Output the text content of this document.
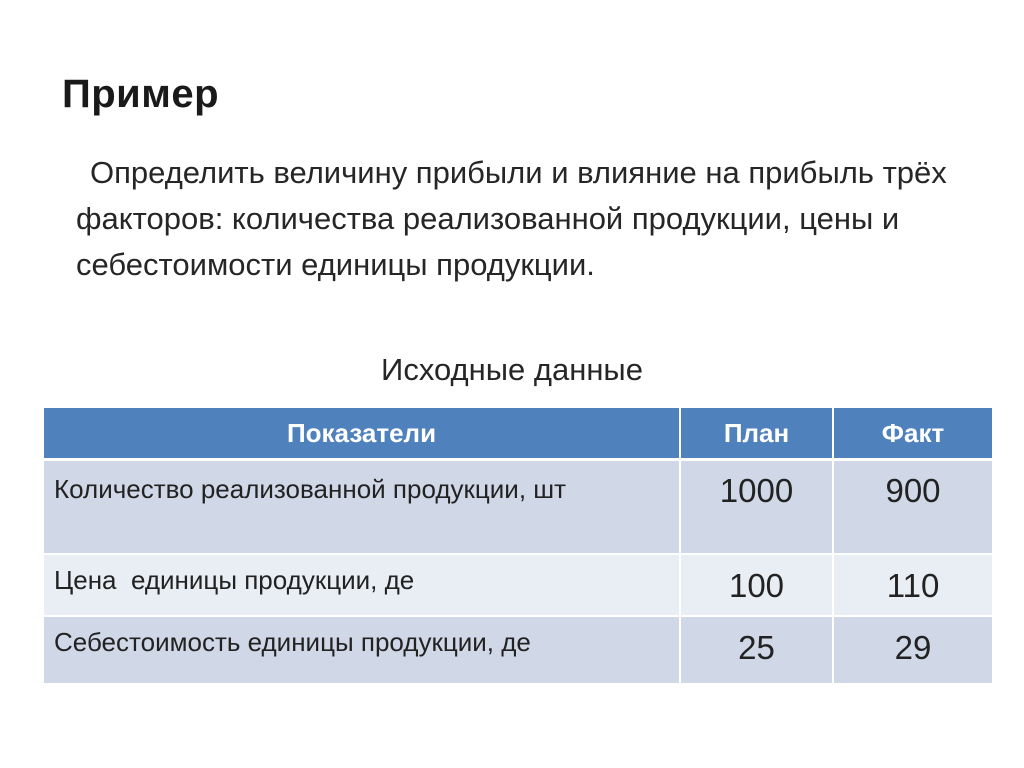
Пример
Определить величину прибыли и влияние на прибыль трёх факторов: количества реализованной продукции, цены и себестоимости единицы продукции.
Исходные данные
Показатели	План	Факт
Количество реализованной продукции, шт	1000	900
Цена  единицы продукции, де	100	110
Себестоимость единицы продукции, де	25	29
